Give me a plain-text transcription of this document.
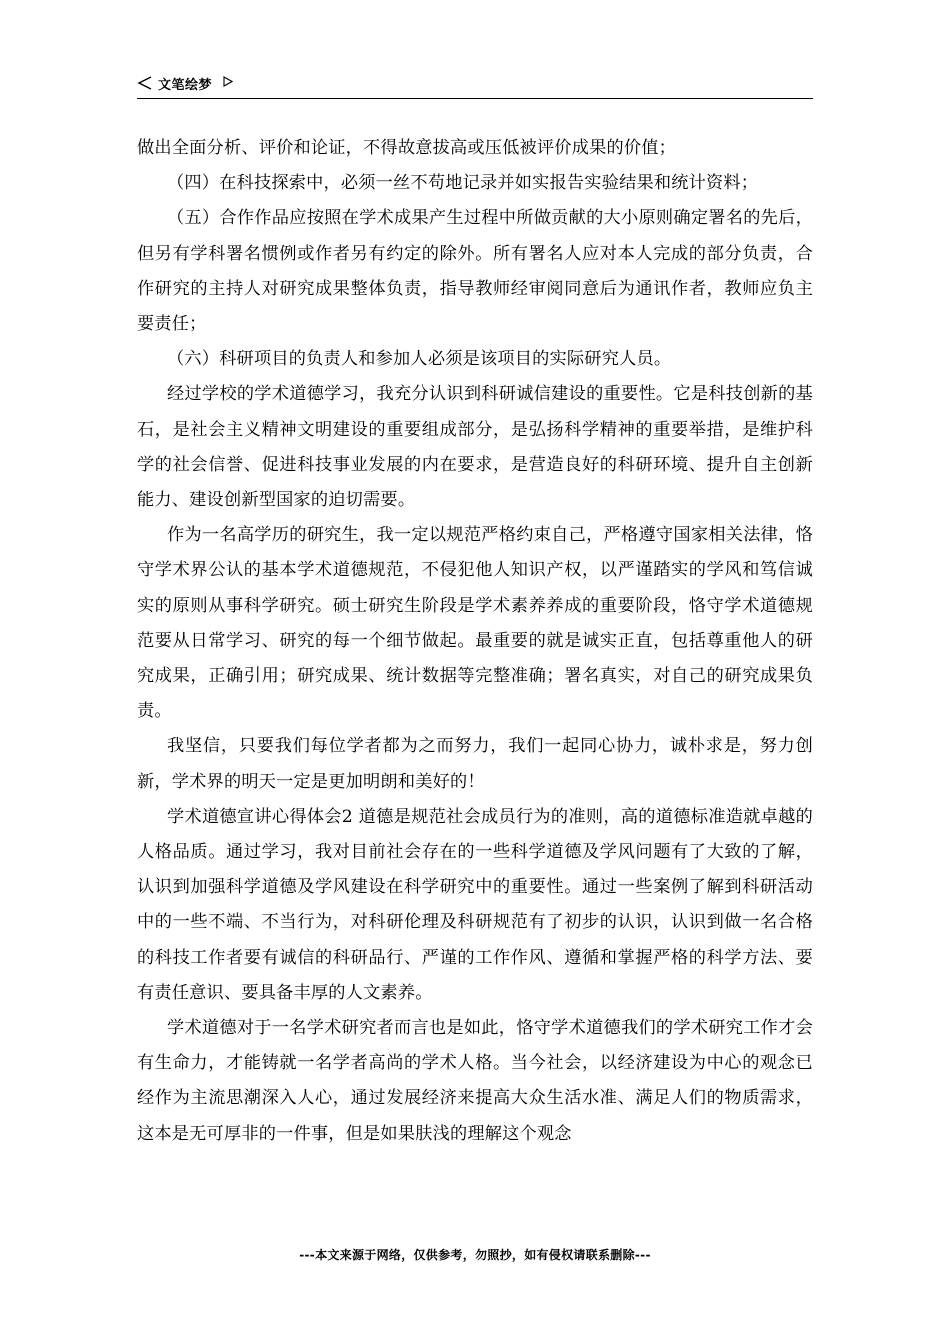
文笔绘梦

做出全面分析、评价和论证，不得故意拔高或压低被评价成果的价值；

（四）在科技探索中，必须一丝不苟地记录并如实报告实验结果和统计资料；

（五）合作作品应按照在学术成果产生过程中所做贡献的大小原则确定署名的先后，但另有学科署名惯例或作者另有约定的除外。所有署名人应对本人完成的部分负责，合作研究的主持人对研究成果整体负责，指导教师经审阅同意后为通讯作者，教师应负主要责任；

（六）科研项目的负责人和参加人必须是该项目的实际研究人员。

经过学校的学术道德学习，我充分认识到科研诚信建设的重要性。它是科技创新的基石，是社会主义精神文明建设的重要组成部分，是弘扬科学精神的重要举措，是维护科学的社会信誉、促进科技事业发展的内在要求，是营造良好的科研环境、提升自主创新能力、建设创新型国家的迫切需要。

作为一名高学历的研究生，我一定以规范严格约束自己，严格遵守国家相关法律，恪守学术界公认的基本学术道德规范，不侵犯他人知识产权，以严谨踏实的学风和笃信诚实的原则从事科学研究。硕士研究生阶段是学术素养养成的重要阶段，恪守学术道德规范要从日常学习、研究的每一个细节做起。最重要的就是诚实正直，包括尊重他人的研究成果，正确引用；研究成果、统计数据等完整准确；署名真实，对自己的研究成果负责。

我坚信，只要我们每位学者都为之而努力，我们一起同心协力，诚朴求是，努力创新，学术界的明天一定是更加明朗和美好的！

学术道德宣讲心得体会2 道德是规范社会成员行为的准则，高的道德标准造就卓越的人格品质。通过学习，我对目前社会存在的一些科学道德及学风问题有了大致的了解，认识到加强科学道德及学风建设在科学研究中的重要性。通过一些案例了解到科研活动中的一些不端、不当行为，对科研伦理及科研规范有了初步的认识，认识到做一名合格的科技工作者要有诚信的科研品行、严谨的工作作风、遵循和掌握严格的科学方法、要有责任意识、要具备丰厚的人文素养。

学术道德对于一名学术研究者而言也是如此，恪守学术道德我们的学术研究工作才会有生命力，才能铸就一名学者高尚的学术人格。当今社会，以经济建设为中心的观念已经作为主流思潮深入人心，通过发展经济来提高大众生活水准、满足人们的物质需求，这本是无可厚非的一件事，但是如果肤浅的理解这个观念

---本文来源于网络，仅供参考，勿照抄，如有侵权请联系删除---
